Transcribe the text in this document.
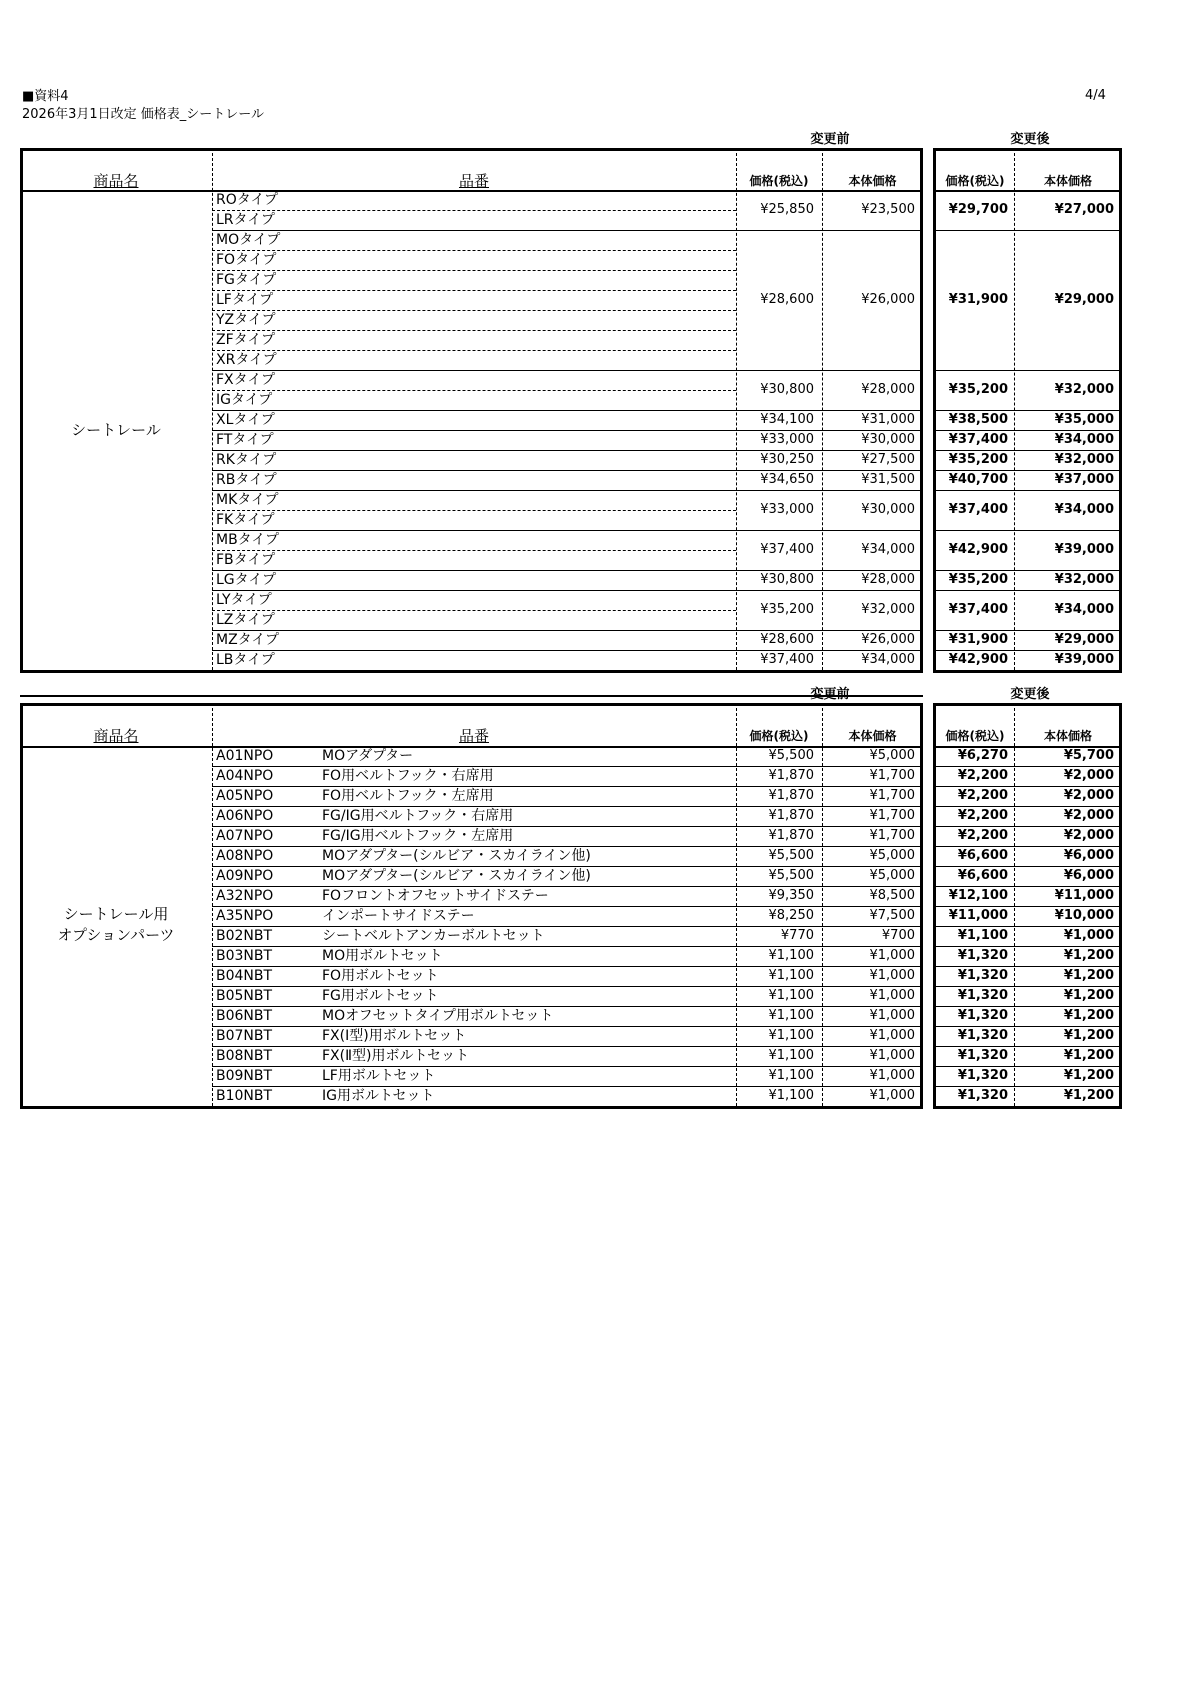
■資料4
2026年3月1日改定 価格表_シートレール
4/4
変更前	変更後
商品名	品番	価格(税込)	本体価格	価格(税込)	本体価格
ROタイプ
LRタイプ
¥25,850	¥23,500	¥29,700	¥27,000
MOタイプ
FOタイプ
FGタイプ
LFタイプ
YZタイプ
ZFタイプ
XRタイプ
¥28,600	¥26,000	¥31,900	¥29,000
FXタイプ
IGタイプ
¥30,800	¥28,000	¥35,200	¥32,000
XLタイプ	¥34,100	¥31,000	¥38,500	¥35,000
FTタイプ	¥33,000	¥30,000	¥37,400	¥34,000
RKタイプ	¥30,250	¥27,500	¥35,200	¥32,000
RBタイプ	¥34,650	¥31,500	¥40,700	¥37,000
MKタイプ
FKタイプ
¥33,000	¥30,000	¥37,400	¥34,000
MBタイプ
FBタイプ
¥37,400	¥34,000	¥42,900	¥39,000
LGタイプ	¥30,800	¥28,000	¥35,200	¥32,000
LYタイプ
LZタイプ
¥35,200	¥32,000	¥37,400	¥34,000
MZタイプ	¥28,600	¥26,000	¥31,900	¥29,000
LBタイプ	¥37,400	¥34,000	¥42,900	¥39,000
シートレール
変更前	変更後
商品名	品番	価格(税込)	本体価格	価格(税込)	本体価格
A01NPO	MOアダプター	¥5,500	¥5,000	¥6,270	¥5,700
A04NPO	FO用ベルトフック・右席用	¥1,870	¥1,700	¥2,200	¥2,000
A05NPO	FO用ベルトフック・左席用	¥1,870	¥1,700	¥2,200	¥2,000
A06NPO	FG/IG用ベルトフック・右席用	¥1,870	¥1,700	¥2,200	¥2,000
A07NPO	FG/IG用ベルトフック・左席用	¥1,870	¥1,700	¥2,200	¥2,000
A08NPO	MOアダプター(シルビア・スカイライン他)	¥5,500	¥5,000	¥6,600	¥6,000
A09NPO	MOアダプター(シルビア・スカイライン他)	¥5,500	¥5,000	¥6,600	¥6,000
A32NPO	FOフロントオフセットサイドステー	¥9,350	¥8,500	¥12,100	¥11,000
A35NPO	インポートサイドステー	¥8,250	¥7,500	¥11,000	¥10,000
B02NBT	シートベルトアンカーボルトセット	¥770	¥700	¥1,100	¥1,000
B03NBT	MO用ボルトセット	¥1,100	¥1,000	¥1,320	¥1,200
B04NBT	FO用ボルトセット	¥1,100	¥1,000	¥1,320	¥1,200
B05NBT	FG用ボルトセット	¥1,100	¥1,000	¥1,320	¥1,200
B06NBT	MOオフセットタイプ用ボルトセット	¥1,100	¥1,000	¥1,320	¥1,200
B07NBT	FX(Ⅰ型)用ボルトセット	¥1,100	¥1,000	¥1,320	¥1,200
B08NBT	FX(Ⅱ型)用ボルトセット	¥1,100	¥1,000	¥1,320	¥1,200
B09NBT	LF用ボルトセット	¥1,100	¥1,000	¥1,320	¥1,200
B10NBT	IG用ボルトセット	¥1,100	¥1,000	¥1,320	¥1,200
シートレール用
オプションパーツ
